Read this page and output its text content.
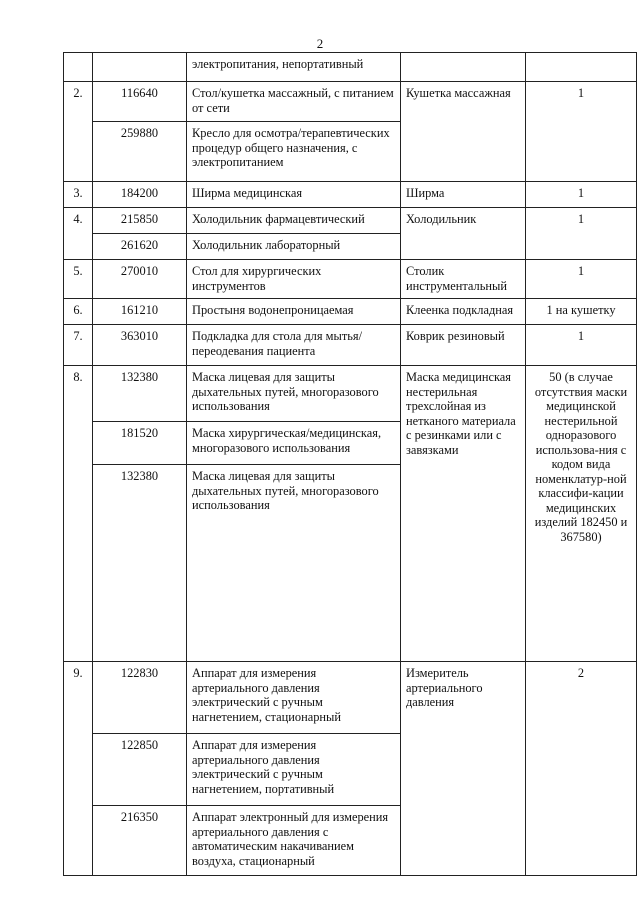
2
		электропитания, непортативный		
2.	116640	Стол/кушетка массажный, с питанием от сети	Кушетка массажная	1
	259880	Кресло для осмотра/терапевтических процедур общего назначения, с электропитанием		
3.	184200	Ширма медицинская	Ширма	1
4.	215850	Холодильник фармацевтический	Холодильник	1
	261620	Холодильник лабораторный		
5.	270010	Стол для хирургических инструментов	Столик инструментальный	1
6.	161210	Простыня водонепроницаемая	Клеенка подкладная	1 на кушетку
7.	363010	Подкладка для стола для мытья/переодевания пациента	Коврик резиновый	1
8.	132380	Маска лицевая для защиты дыхательных путей, многоразового использования	Маска медицинская нестерильная трехслойная из нетканого материала с резинками или с завязками	50 (в случае отсутствия маски медицинской нестерильной одноразового использова-ния с кодом вида номенклатур-ной классифи-кации медицинских изделий 182450 и 367580)
	181520	Маска хирургическая/медицинская, многоразового использования		
	132380	Маска лицевая для защиты дыхательных путей, многоразового использования		
9.	122830	Аппарат для измерения артериального давления электрический с ручным нагнетением, стационарный	Измеритель артериального давления	2
	122850	Аппарат для измерения артериального давления электрический с ручным нагнетением, портативный		
	216350	Аппарат электронный для измерения артериального давления с автоматическим накачиванием воздуха, стационарный		
